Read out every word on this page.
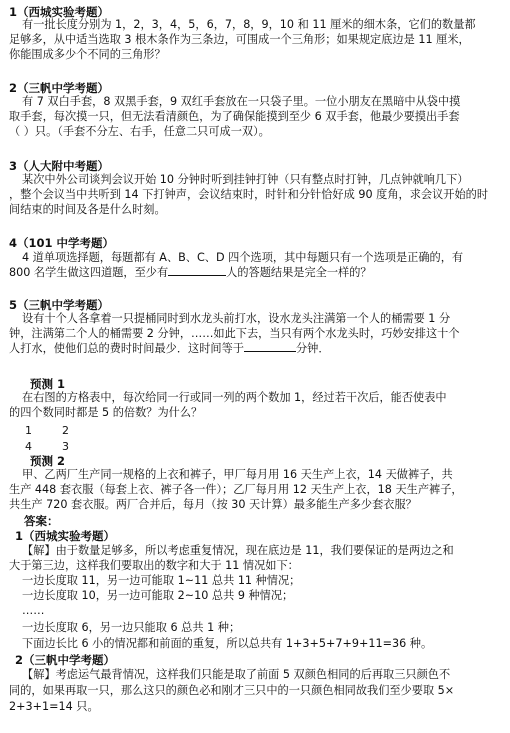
1（西城实验考题）
有一批长度分别为 1，2，3，4，5，6，7，8，9，10 和 11 厘米的细木条，它们的数量都
足够多，从中适当选取 3 根木条作为三条边，可围成一个三角形；如果规定底边是 11 厘米，
你能围成多少个不同的三角形？
2（三帆中学考题）
有 7 双白手套，8 双黑手套，9 双红手套放在一只袋子里。一位小朋友在黑暗中从袋中摸
取手套，每次摸一只，但无法看清颜色，为了确保能摸到至少 6 双手套，他最少要摸出手套
（ ）只。（手套不分左、右手，任意二只可成一双）。
3（人大附中考题）
某次中外公司谈判会议开始 10 分钟时听到挂钟打钟（只有整点时打钟，几点钟就响几下）
，整个会议当中共听到 14 下打钟声，会议结束时，时针和分针恰好成 90 度角，求会议开始的时
间结束的时间及各是什么时刻。
4（101 中学考题）
4 道单项选择题，每题都有 A、B、C、D 四个选项，其中每题只有一个选项是正确的，有
800 名学生做这四道题，至少有	人的答题结果是完全一样的？
5（三帆中学考题）
设有十个人各拿着一只提桶同时到水龙头前打水，设水龙头注满第一个人的桶需要 1 分
钟，注满第二个人的桶需要 2 分钟，……如此下去，当只有两个水龙头时，巧妙安排这十个
人打水，使他们总的费时时间最少．这时间等于	分钟．
预测 1
在右图的方格表中，每次给同一行或同一列的两个数加 1，经过若干次后，能否使表中
的四个数同时都是 5 的倍数？为什么？
1	2
4	3
预测 2
甲、乙两厂生产同一规格的上衣和裤子，甲厂每月用 16 天生产上衣，14 天做裤子，共
生产 448 套衣服（每套上衣、裤子各一件）；乙厂每月用 12 天生产上衣，18 天生产裤子，
共生产 720 套衣服。两厂合并后，每月（按 30 天计算）最多能生产多少套衣服？
答案：
1（西城实验考题）
【解】由于数量足够多，所以考虑重复情况，现在底边是 11，我们要保证的是两边之和
大于第三边，这样我们要取出的数字和大于 11 情况如下：
一边长度取 11，另一边可能取 1~11 总共 11 种情况；
一边长度取 10，另一边可能取 2~10 总共 9 种情况；
……
一边长度取 6，另一边只能取 6 总共 1 种；
下面边长比 6 小的情况都和前面的重复，所以总共有 1+3+5+7+9+11=36 种。
2（三帆中学考题）
【解】考虑运气最背情况，这样我们只能是取了前面 5 双颜色相同的后再取三只颜色不
同的，如果再取一只，那么这只的颜色必和刚才三只中的一只颜色相同故我们至少要取 5×
2+3+1=14 只。
